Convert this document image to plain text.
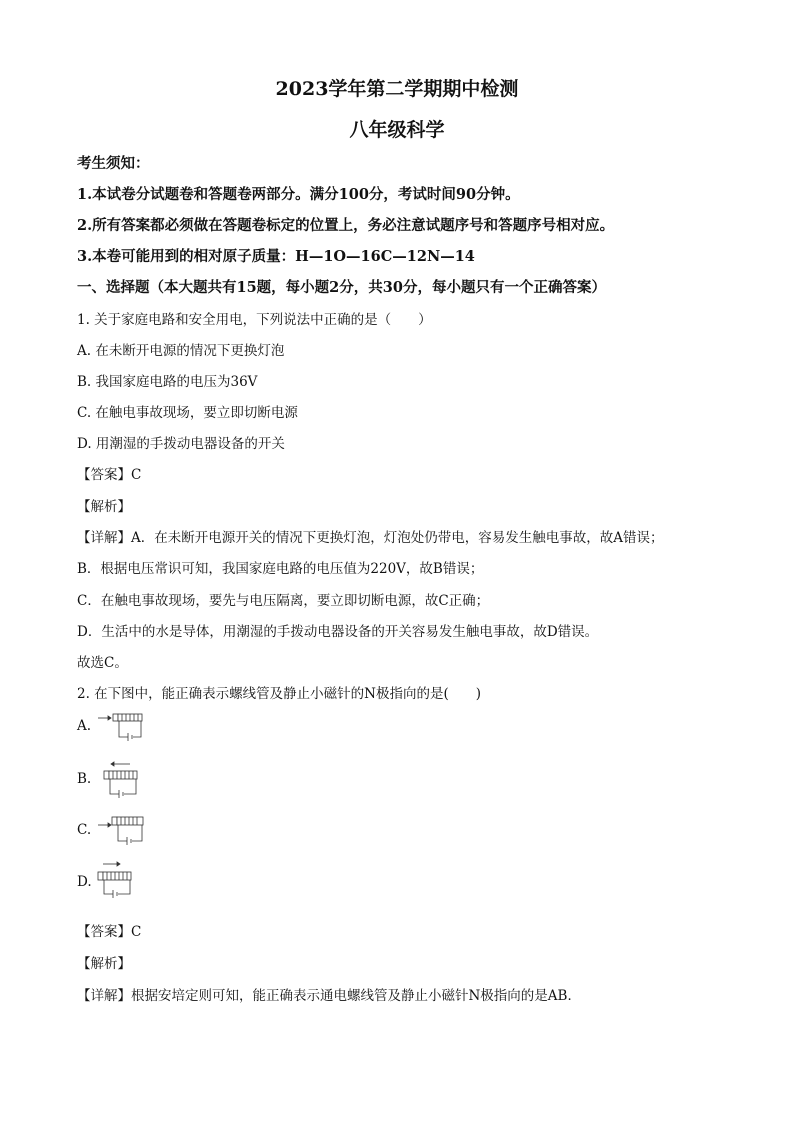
2023学年第二学期期中检测
八年级科学
考生须知：
1.本试卷分试题卷和答题卷两部分。满分100分，考试时间90分钟。
2.所有答案都必须做在答题卷标定的位置上，务必注意试题序号和答题序号相对应。
3.本卷可能用到的相对原子质量：H—1O—16C—12N—14
一、选择题（本大题共有15题，每小题2分，共30分，每小题只有一个正确答案）
1. 关于家庭电路和安全用电，下列说法中正确的是（　　）
A. 在未断开电源的情况下更换灯泡
B. 我国家庭电路的电压为36V
C. 在触电事故现场，要立即切断电源
D. 用潮湿的手拨动电器设备的开关
【答案】C
【解析】
【详解】A．在未断开电源开关的情况下更换灯泡，灯泡处仍带电，容易发生触电事故，故A错误；
B．根据电压常识可知，我国家庭电路的电压值为220V，故B错误；
C．在触电事故现场，要先与电压隔离，要立即切断电源，故C正确；
D．生活中的水是导体，用潮湿的手拨动电器设备的开关容易发生触电事故，故D错误。
故选C。
2. 在下图中，能正确表示螺线管及静止小磁针的N极指向的是(　　)
A.
B.
C.
D.
【答案】C
【解析】
【详解】根据安培定则可知，能正确表示通电螺线管及静止小磁针N极指向的是AB．
